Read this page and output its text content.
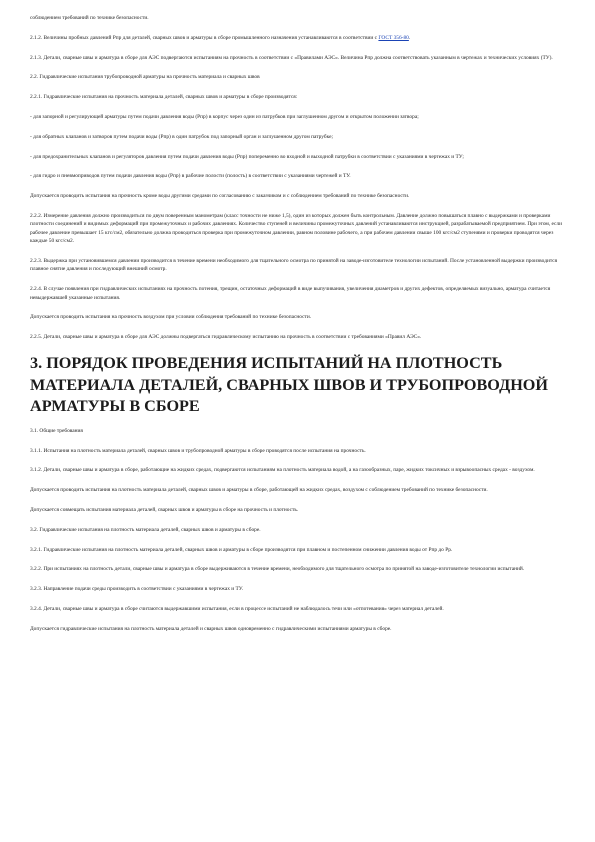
соблюдением требований по технике безопасности.
2.1.2. Величины пробных давлений Рпр для деталей, сварных швов и арматуры в сборе промышленного назначения устанавливаются в соответствии с ГОСТ 356-80.
2.1.3. Детали, сварные швы и арматура в сборе для АЭС подвергаются испытаниям на прочность в соответствии с «Правилами АЭС». Величина Рпр должна соответствовать указанным в чертежах и технических условиях (ТУ).
2.2. Гидравлические испытания трубопроводной арматуры на прочность материала и сварных швов
2.2.1. Гидравлические испытания на прочность материала деталей, сварных швов и арматуры в сборе производятся:
- для запорной и регулирующей арматуры путем подачи давления воды (Рпр) в корпус через один из патрубков при заглушенном другом и открытом положении затвора;
- для обратных клапанов и затворов путем подачи воды (Рпр) в один патрубок под запорный орган и заглушенном другом патрубке;
- для предохранительных клапанов и регуляторов давления путем подачи давления воды (Рпр) попеременно во входной и выходной патрубки в соответствии с указаниями в чертежах и ТУ;
- для гидро и пневмоприводов путем подачи давления воды (Рпр) в рабочие полости (полость) в соответствии с указаниями чертежей и ТУ.
Допускается проводить испытания на прочность кроме воды другими средами по согласованию с заказчиком и с соблюдением требований по технике безопасности.
2.2.2. Измерение давления должно производиться по двум поверенным манометрам (класс точности не ниже 1,5), один из которых должен быть контрольным. Давление должно повышаться плавно с выдержками и проверками плотности соединений и видимых деформаций при промежуточных и рабочих давлениях. Количество ступеней и величины промежуточных давлений устанавливаются инструкцией, разрабатываемой предприятием. При этом, если рабочее давление превышает 15 кгс/см2, обязательно должна проводиться проверка при промежуточном давлении, равном половине рабочего, а при рабочем давлении свыше 100 кгс/см2 ступенями и проверки проводятся через каждые 50 кгс/см2.
2.2.3. Выдержка при установившемся давлении производится в течение времени необходимого для тщательного осмотра по принятой на заводе-изготовителе технологии испытаний. После установленной выдержки производится плавное снятие давления и последующий внешний осмотр.
2.2.4. В случае появления при гидравлических испытаниях на прочность потения, трещин, остаточных деформаций в виде выпучивания, увеличения диаметров и других дефектов, определяемых визуально, арматура считается невыдержавшей указанные испытания.
Допускается проводить испытания на прочность воздухом при условии соблюдения требований по технике безопасности.
2.2.5. Детали, сварные швы и арматура в сборе для АЭС должны подвергаться гидравлическому испытанию на прочность в соответствии с требованиями «Правил АЭС».
3. ПОРЯДОК ПРОВЕДЕНИЯ ИСПЫТАНИЙ НА ПЛОТНОСТЬ МАТЕРИАЛА ДЕТАЛЕЙ, СВАРНЫХ ШВОВ И ТРУБОПРОВОДНОЙ АРМАТУРЫ В СБОРЕ
3.1. Общие требования
3.1.1. Испытания на плотность материала деталей, сварных швов и трубопроводной арматуры в сборе проводятся после испытания на прочность.
3.1.2. Детали, сварные швы и арматура в сборе, работающие на жидких средах, подвергаются испытаниям на плотность материала водой, а на газообразных, паре, жидких токсичных и взрывоопасных средах - воздухом.
Допускается проводить испытания на плотность материала деталей, сварных швов и арматуры в сборе, работающей на жидких средах, воздухом с соблюдением требований по технике безопасности.
Допускается совмещать испытания материала деталей, сварных швов и арматуры в сборе на прочность и плотность.
3.2. Гидравлические испытания на плотность материала деталей, сварных швов и арматуры в сборе.
3.2.1. Гидравлические испытания на плотность материала деталей, сварных швов и арматуры в сборе производятся при плавном и постепенном снижении давления воды от Рпр до Рр.
3.2.2. При испытаниях на плотность детали, сварные швы и арматура в сборе выдерживаются в течение времени, необходимого для тщательного осмотра по принятой на заводе-изготовителе технологии испытаний.
3.2.3. Направление подачи среды производить в соответствии с указаниями в чертежах и ТУ.
3.2.4. Детали, сварные швы и арматура в сборе считаются выдержавшими испытания, если в процессе испытаний не наблюдалось течи или «отпотевания» через материал деталей.
Допускается гидравлические испытания на плотность материала деталей и сварных швов одновременно с гидравлическими испытаниями арматуры в сборе.
